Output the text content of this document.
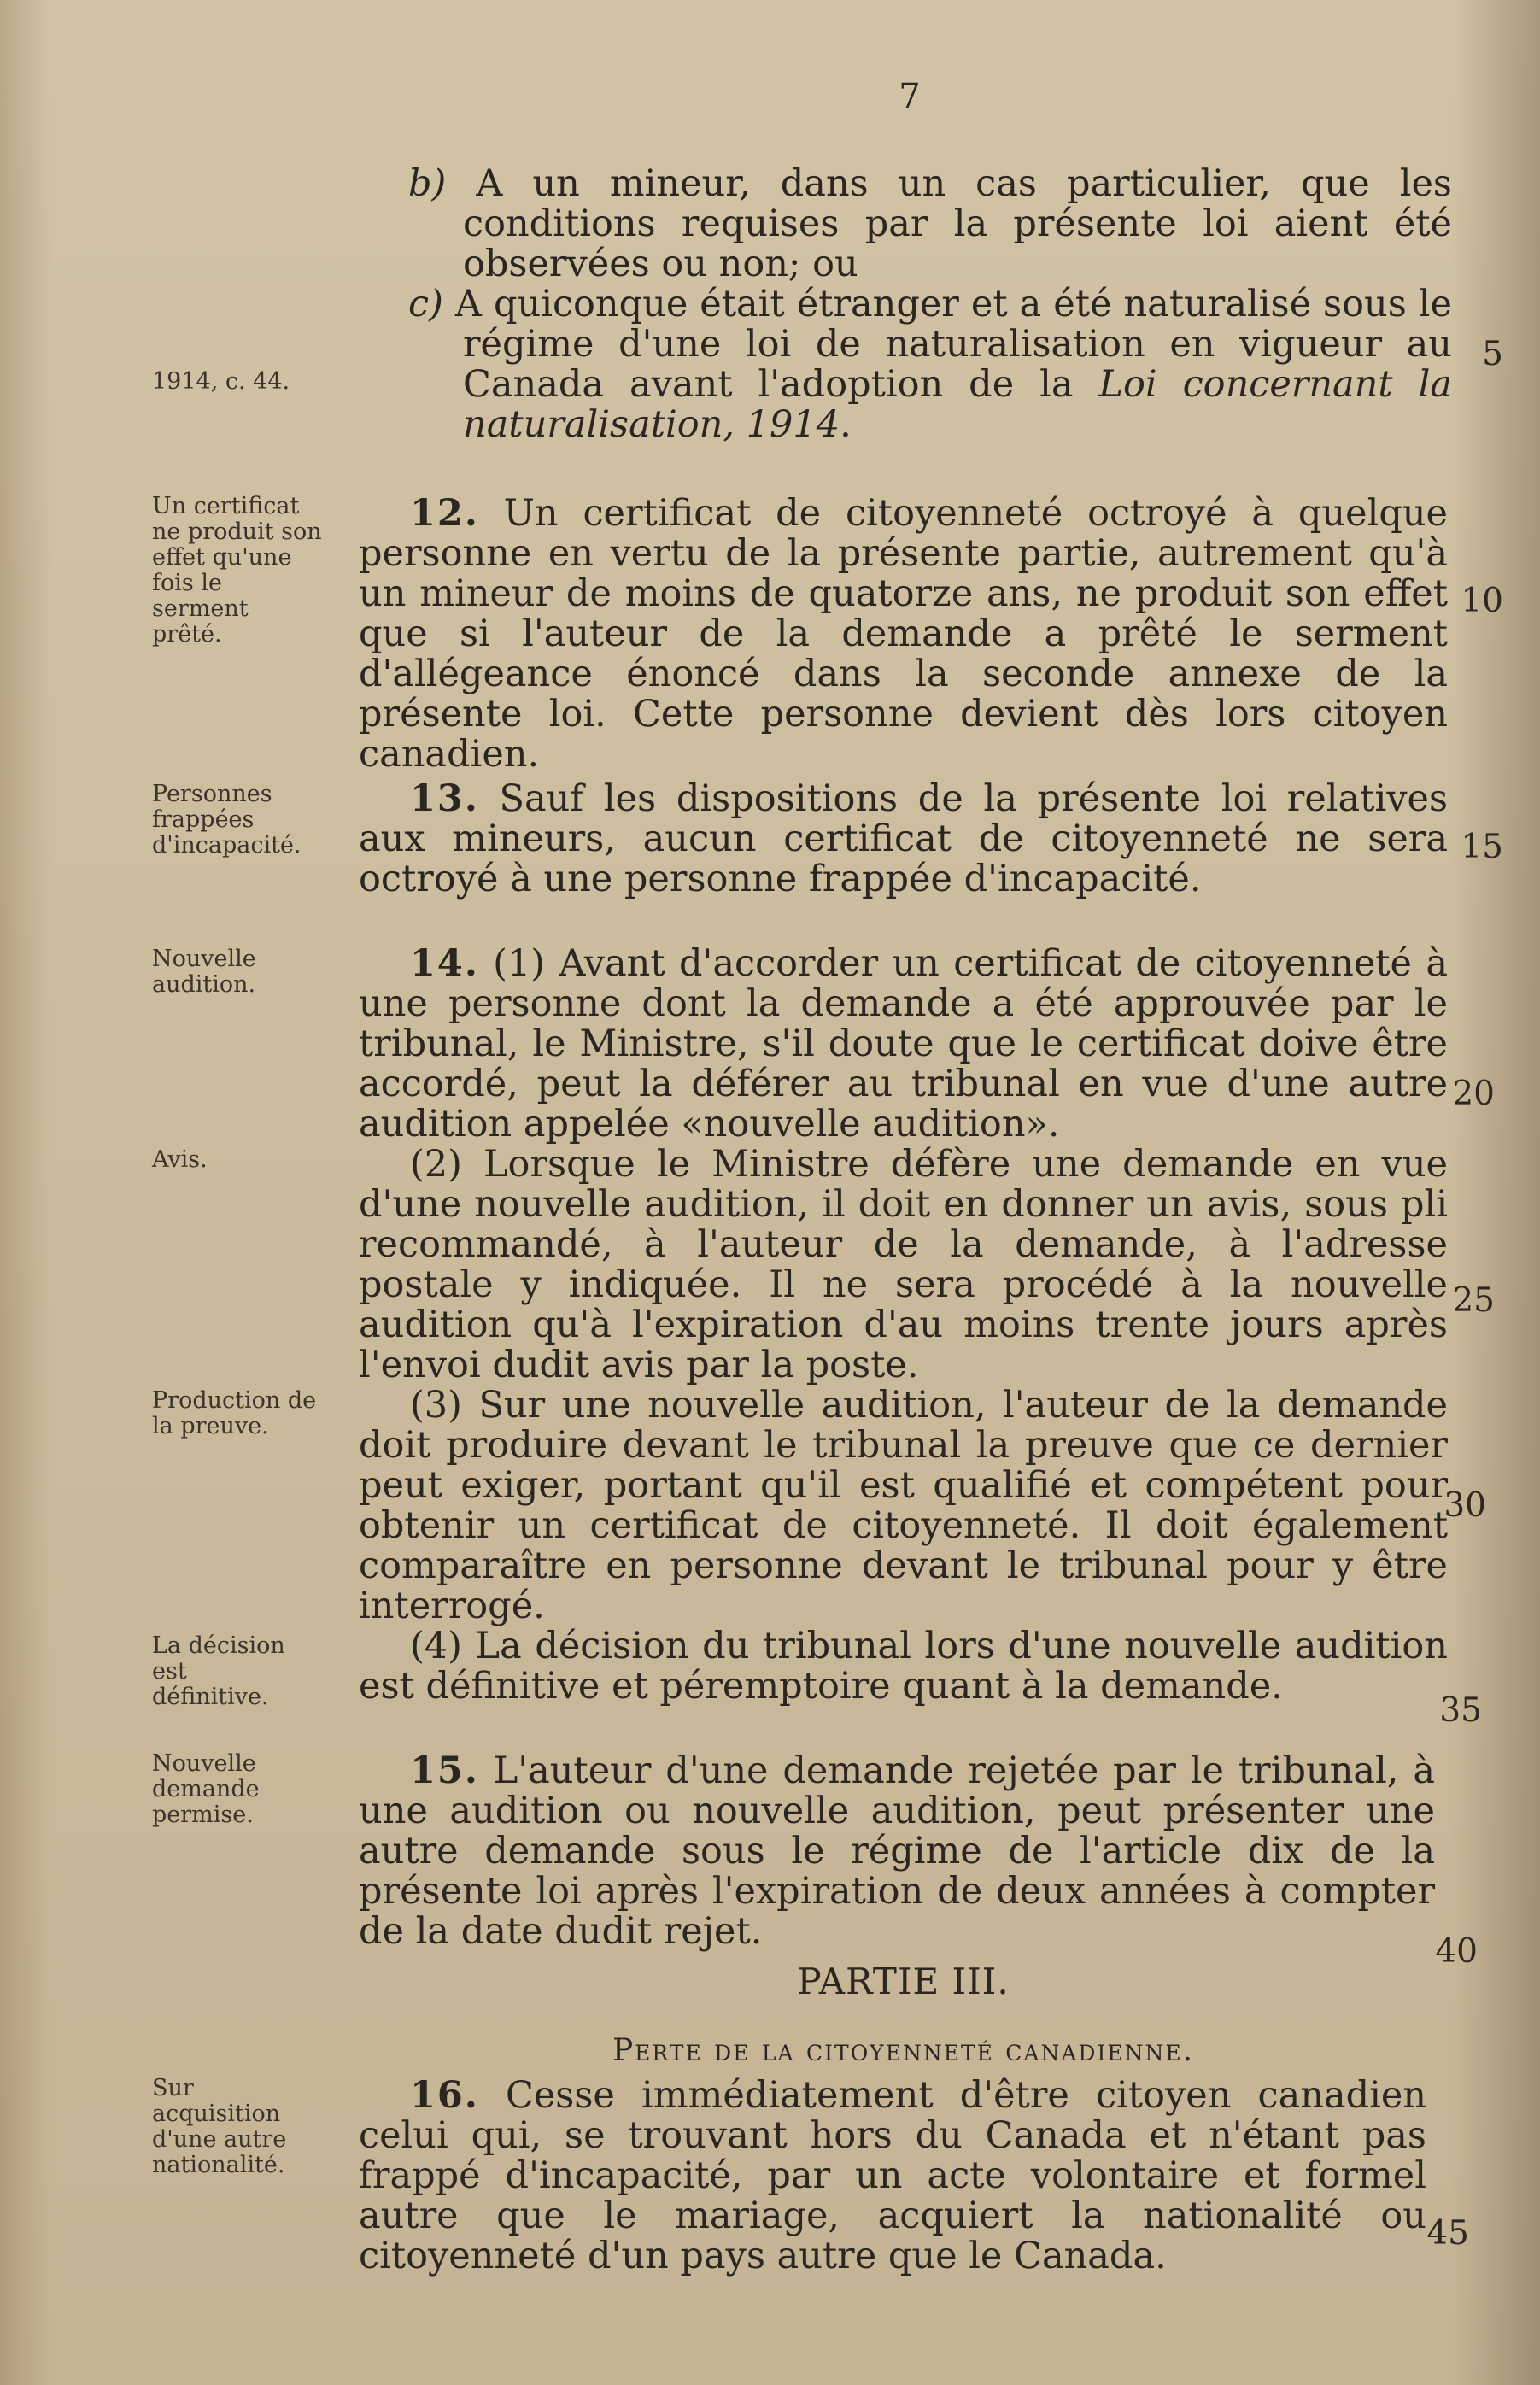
7
1914, c. 44.
Un certificat ne produit son effet qu'une fois le serment prêté.
Personnes frappées d'incapacité.
Nouvelle audition.
Avis.
Production de la preuve.
La décision est définitive.
Nouvelle demande permise.
Sur acquisition d'une autre nationalité.
5
10
15
20
25
30
35
40
45

b) A un mineur, dans un cas particulier, que les conditions requises par la présente loi aient été observées ou non; ou

c) A quiconque était étranger et a été naturalisé sous le régime d'une loi de naturalisation en vigueur au Canada avant l'adoption de la Loi concernant la naturalisation, 1914.

12. Un certificat de citoyenneté octroyé à quelque personne en vertu de la présente partie, autrement qu'à un mineur de moins de quatorze ans, ne produit son effet que si l'auteur de la demande a prêté le serment d'allégeance énoncé dans la seconde annexe de la présente loi. Cette personne devient dès lors citoyen canadien.

13. Sauf les dispositions de la présente loi relatives aux mineurs, aucun certificat de citoyenneté ne sera octroyé à une personne frappée d'incapacité.

14. (1) Avant d'accorder un certificat de citoyenneté à une personne dont la demande a été approuvée par le tribunal, le Ministre, s'il doute que le certificat doive être accordé, peut la déférer au tribunal en vue d'une autre audition appelée «nouvelle audition».

(2) Lorsque le Ministre défère une demande en vue d'une nouvelle audition, il doit en donner un avis, sous pli recommandé, à l'auteur de la demande, à l'adresse postale y indiquée. Il ne sera procédé à la nouvelle audition qu'à l'expiration d'au moins trente jours après l'envoi dudit avis par la poste.

(3) Sur une nouvelle audition, l'auteur de la demande doit produire devant le tribunal la preuve que ce dernier peut exiger, portant qu'il est qualifié et compétent pour obtenir un certificat de citoyenneté. Il doit également comparaître en personne devant le tribunal pour y être interrogé.

(4) La décision du tribunal lors d'une nouvelle audition est définitive et péremptoire quant à la demande.

15. L'auteur d'une demande rejetée par le tribunal, à une audition ou nouvelle audition, peut présenter une autre demande sous le régime de l'article dix de la présente loi après l'expiration de deux années à compter de la date dudit rejet.

PARTIE III.
Perte de la citoyenneté canadienne.

16. Cesse immédiatement d'être citoyen canadien celui qui, se trouvant hors du Canada et n'étant pas frappé d'incapacité, par un acte volontaire et formel autre que le mariage, acquiert la nationalité ou citoyenneté d'un pays autre que le Canada.
